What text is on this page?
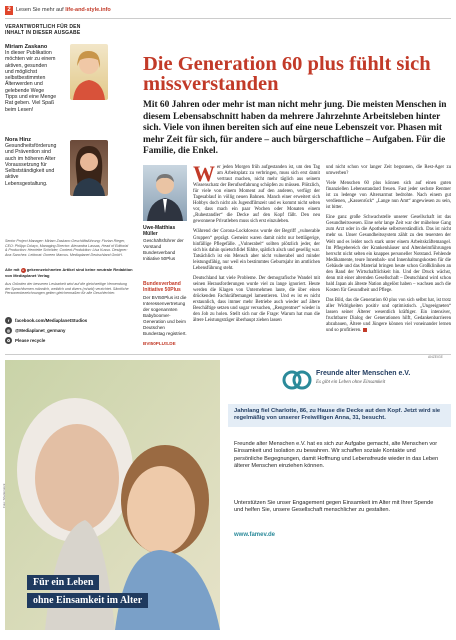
2 Lesen Sie mehr auf life-and-style.info
VERANTWORTLICH FÜR DEN INHALT IN DIESER AUSGABE
Miriam Zaskano
In dieser Publikation möchten wir zu einem aktiven, gesunden und möglichst selbstbestimmten Älterwerden und gelebende Wege Tipps und eine Menge Rat geben. Viel Spaß beim Lesen!
Nora Hinz
Gesundheitsförderung und Prävention sind auch im höheren Alter Voraussetzung für Selbstständigkeit und aktive Lebensgestaltung.
Senior Project Manager: Miriam Zaskano Geschäftsführung: Florian Rieger, CEO: Philipp Colaço, Managing Director: Alexandra Lassas, Head of Editorial & Production: Henriette Schröder, Content-Produktion: Lisa Kusso. Designer: Ana Sanchez. Lektorat: Doreen Marcus. Mediaplanet Deutschland GmbH.
Alle mit ● gekennzeichneten Artikel sind keine neutrale Redaktion von Mediaplanet Verlag
Aus Gründen der besseren Lesbarkeit wird auf die gleichzeitige Verwendung der Sprachformen männlich, weiblich und divers (m/w/d) verzichtet. Sämtliche Personenbezeichnungen gelten gleichermaßen für alle Geschlechter.
f	facebook.com/MediaplanetStudios
◎	@Mediaplanet_germany
♻	Please recycle
Die Generation 60 plus fühlt sich missverstanden
Mit 60 Jahren oder mehr ist man nicht mehr jung. Die meisten Menschen in diesem Lebensabschnitt haben da mehrere Jahrzehnte Arbeitsleben hinter sich. Viele von ihnen bereiten sich auf eine neue Lebenszeit vor. Phasen mit mehr Zeit für sich, für andere – auch bürgerschaftliche – Aufgaben. Für die Familie, die Enkel.
Uwe-Matthias Müller
Geschäftsführer der Vorstand Bundesverband Initiative 50Plus
Bundesverband Initiative 50Plus
Der BVI50Plus ist die Interessenvertretung der sogenannten Babyboomer-Generation und beim Deutschen Bundestag registriert.
BVI50PLUS.DE

Wer jeden Morgen früh aufgestanden ist, um den Tag am Arbeitsplatz zu verbringen, muss sich erst damit vertraut machen, nicht mehr täglich aus seinem Wissenschatz der Berufserfahrung schöpfen zu müssen. Plötzlich, für viele von einem Moment auf den anderen, verfügt der Tagesablauf in völlig neuen Bahnen. Manch einer erweitert sich Hobbys doch nicht als Jugendfilmzeit und es kommt nicht selten vor, dass mach ein paar Wochen oder Monaten einem „Ruhestandler“ die Decke auf den Kopf fällt. Den neu gewonnene Privatleben muss sich erst einzuleben.

Während der Corona-Lockdowns wurde der Begriff „vulnerable Gruppen“ geprägt. Gemeint waren damit nicht nur bettlägerige, hinfällige Pflegefälle. „Vulnerabel“ sollten plötzlich jeder, der sich bis dahin quietschfidel fühlte, spätlich alsch und gesellig war. Tatsächlich ist ein Mensch aber nicht vulnerabel und minder leistungsfähig, nur weil ein bestimmtes Geburtsjahr im amtlichen Lebensführung steht.

Deutschland hat viele Probleme. Der demografische Wandel mit seinen Herausforderungen wurde viel zu lange ignoriert. Heute werden die Klagen von Unternehmen laute, die über einen drückenden Fachkräftemangel lamentieren. Und es ist es nicht erstaunlich, dass immer mehr Betriebe auch wieder auf ältere Beschäftige setzen und sogar versuchen, „Rengrentner“ wieder in den Job zu holen. Stellt sich nur die Frage: Warum hat man die ältere Leistungsträger überhaupt ziehen lassen

und nicht schon vor langer Zeit begonnen, die Rest-Ager zu umwerben?

Viele Menschen 60 plus können sich auf einen guten finanziellen Lebensstandard freuen. Fast jeder sechste Rentner ist zu ledenge von Altersarmut bedrohte. Nach einem gut verdienen, „Kassenrück“ „Lange nun Amt“ angewiesen zu sein, ist bitter.

Eine ganz große Schwachstelle unserer Gesellschaft ist das Gesundheitswesen. Eine sehr lange Zeit war der mühelose Gang zum Arzt oder in die Apotheke selbstverständlich. Das ist nicht mehr so. Unser Gesundheitssystem zählt zu den teuersten der Welt und es leidet noch stark unter einem Arbeitskräftemangel. Im Pflegebereich der Krankenhäuser und Altenheimführungen herrscht nicht selten ein knappes personeller Notstand. Fehlende Medikamente, teure Innenbals- und Innenhaltungskosten für die Gebäude und das Material bringen heute schon Großkliniken an den Rand der Wirtschaftlichkeit hin. Und der Druck wächst, denn mit einer alternden Gesellschaft – Deutschland wird schon bald Japan als älteste Nation abgelöst haben – wachsen auch die Kosten für Gesundheit und Pflege.

Das Bild, das die Generation 60 plus von sich selbst hat, ist trotz aller Widrigkeiten positiv und optimistisch. „Ungeeigneten“ lassen seiner Älterer wesentlich kräftiger. Ein intensiver, fruchtbarer Dialog der Generationen hilft, Gedankenbarrieren abzubauen, Ältere und Jüngere können viel voneinander lernen und so profitieren.

ANZEIGE
Für ein Leben
ohne Einsamkeit im Alter
Foto: Shutterstock
Freunde alter Menschen e.V.
Es gibt ein Leben ohne Einsamkeit
Jahnlang fiel Charlotte, 86, zu Hause die Decke aut den Kopf. Jetzt wird sie regelmäßig von unserer Freiwilligen Anna, 31, besucht.
Freunde alter Menschen e.V. hat es sich zur Aufgabe gemacht, alte Menschen vor Einsamkeit und Isolation zu bewahren. Wir schaffen soziale Kontakte und persönliche Begegnungen, damit Hoffnung und Lebensfreude wieder in das Leben älterer Menschen einziehen können.
Unterstützen Sie unser Engagement gegen Einsamkeit im Alter mit Ihrer Spende und helfen Sie, unsere Gesellschaft menschlicher zu gestalten.
www.famev.de
